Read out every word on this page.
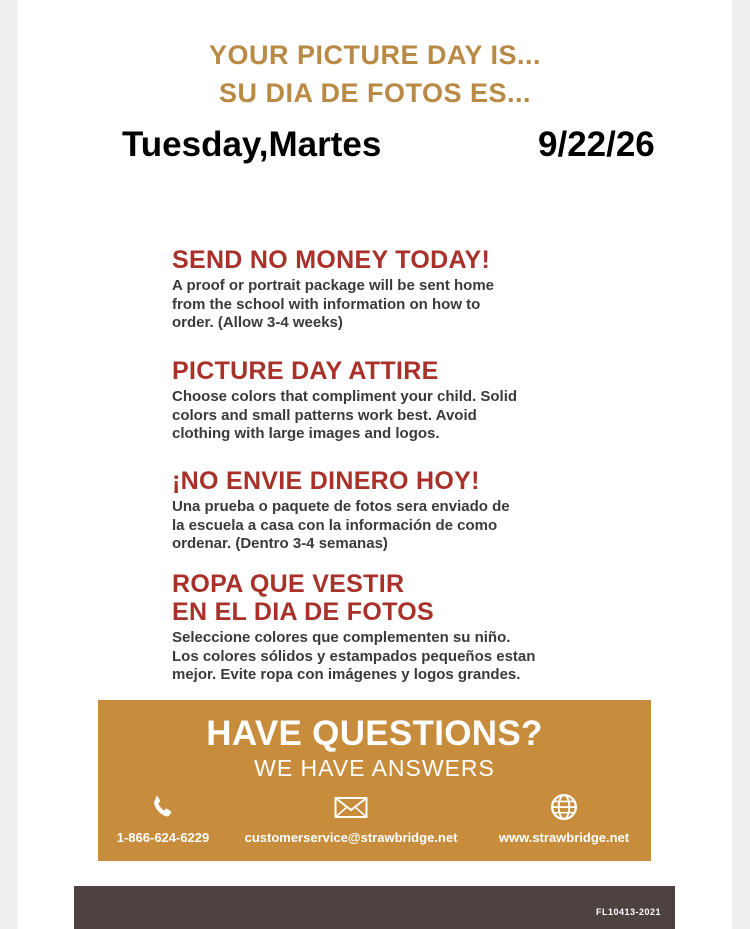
YOUR PICTURE DAY IS...
SU DIA DE FOTOS ES...
Tuesday,Martes	9/22/26
SEND NO MONEY TODAY!
A proof or portrait package will be sent home
from the school with information on how to
order. (Allow 3-4 weeks)
PICTURE DAY ATTIRE
Choose colors that compliment your child. Solid
colors and small patterns work best. Avoid
clothing with large images and logos.
¡NO ENVIE DINERO HOY!
Una prueba o paquete de fotos sera enviado de
la escuela a casa con la información de como
ordenar. (Dentro 3-4 semanas)
ROPA QUE VESTIR
EN EL DIA DE FOTOS
Seleccione colores que complementen su niño.
Los colores sólidos y estampados pequeños estan
mejor. Evite ropa con imágenes y logos grandes.
HAVE QUESTIONS?
WE HAVE ANSWERS
1-866-624-6229	customerservice@strawbridge.net	www.strawbridge.net
FL10413-2021
